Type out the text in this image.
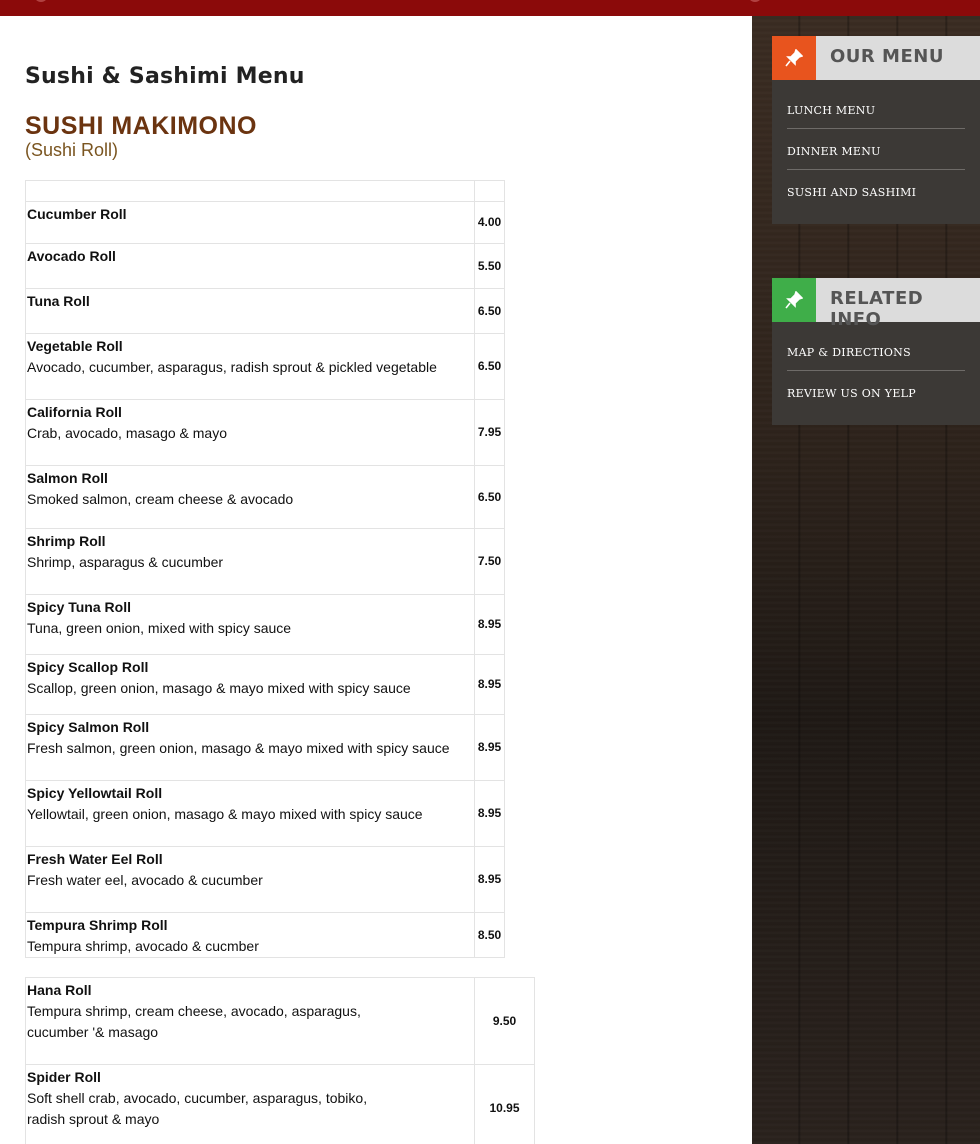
Sushi & Sashimi Menu
SUSHI MAKIMONO
(Sushi Roll)

Cucumber Roll	4.00

Avocado Roll	5.50

Tuna Roll	6.50

Vegetable Roll
Avocado, cucumber, asparagus, radish sprout & pickled vegetable	6.50

California Roll
Crab, avocado, masago & mayo	7.95

Salmon Roll
Smoked salmon, cream cheese & avocado	6.50

Shrimp Roll
Shrimp, asparagus & cucumber	7.50

Spicy Tuna Roll
Tuna, green onion, mixed with spicy sauce	8.95

Spicy Scallop Roll
Scallop, green onion, masago & mayo mixed with spicy sauce	8.95

Spicy Salmon Roll
Fresh salmon, green onion, masago & mayo mixed with spicy sauce	8.95

Spicy Yellowtail Roll
Yellowtail, green onion, masago & mayo mixed with spicy sauce	8.95

Fresh Water Eel Roll
Fresh water eel, avocado & cucumber	8.95

Tempura Shrimp Roll
Tempura shrimp, avocado & cucmber	8.50
Hana Roll
Tempura shrimp, cream cheese, avocado, asparagus,
cucumber '& masago	9.50

Spider Roll
Soft shell crab, avocado, cucumber, asparagus, tobiko,
radish sprout & mayo	10.95
OUR MENU
LUNCH MENU
DINNER MENU
SUSHI AND SASHIMI
RELATED INFO
MAP & DIRECTIONS
REVIEW US ON YELP
